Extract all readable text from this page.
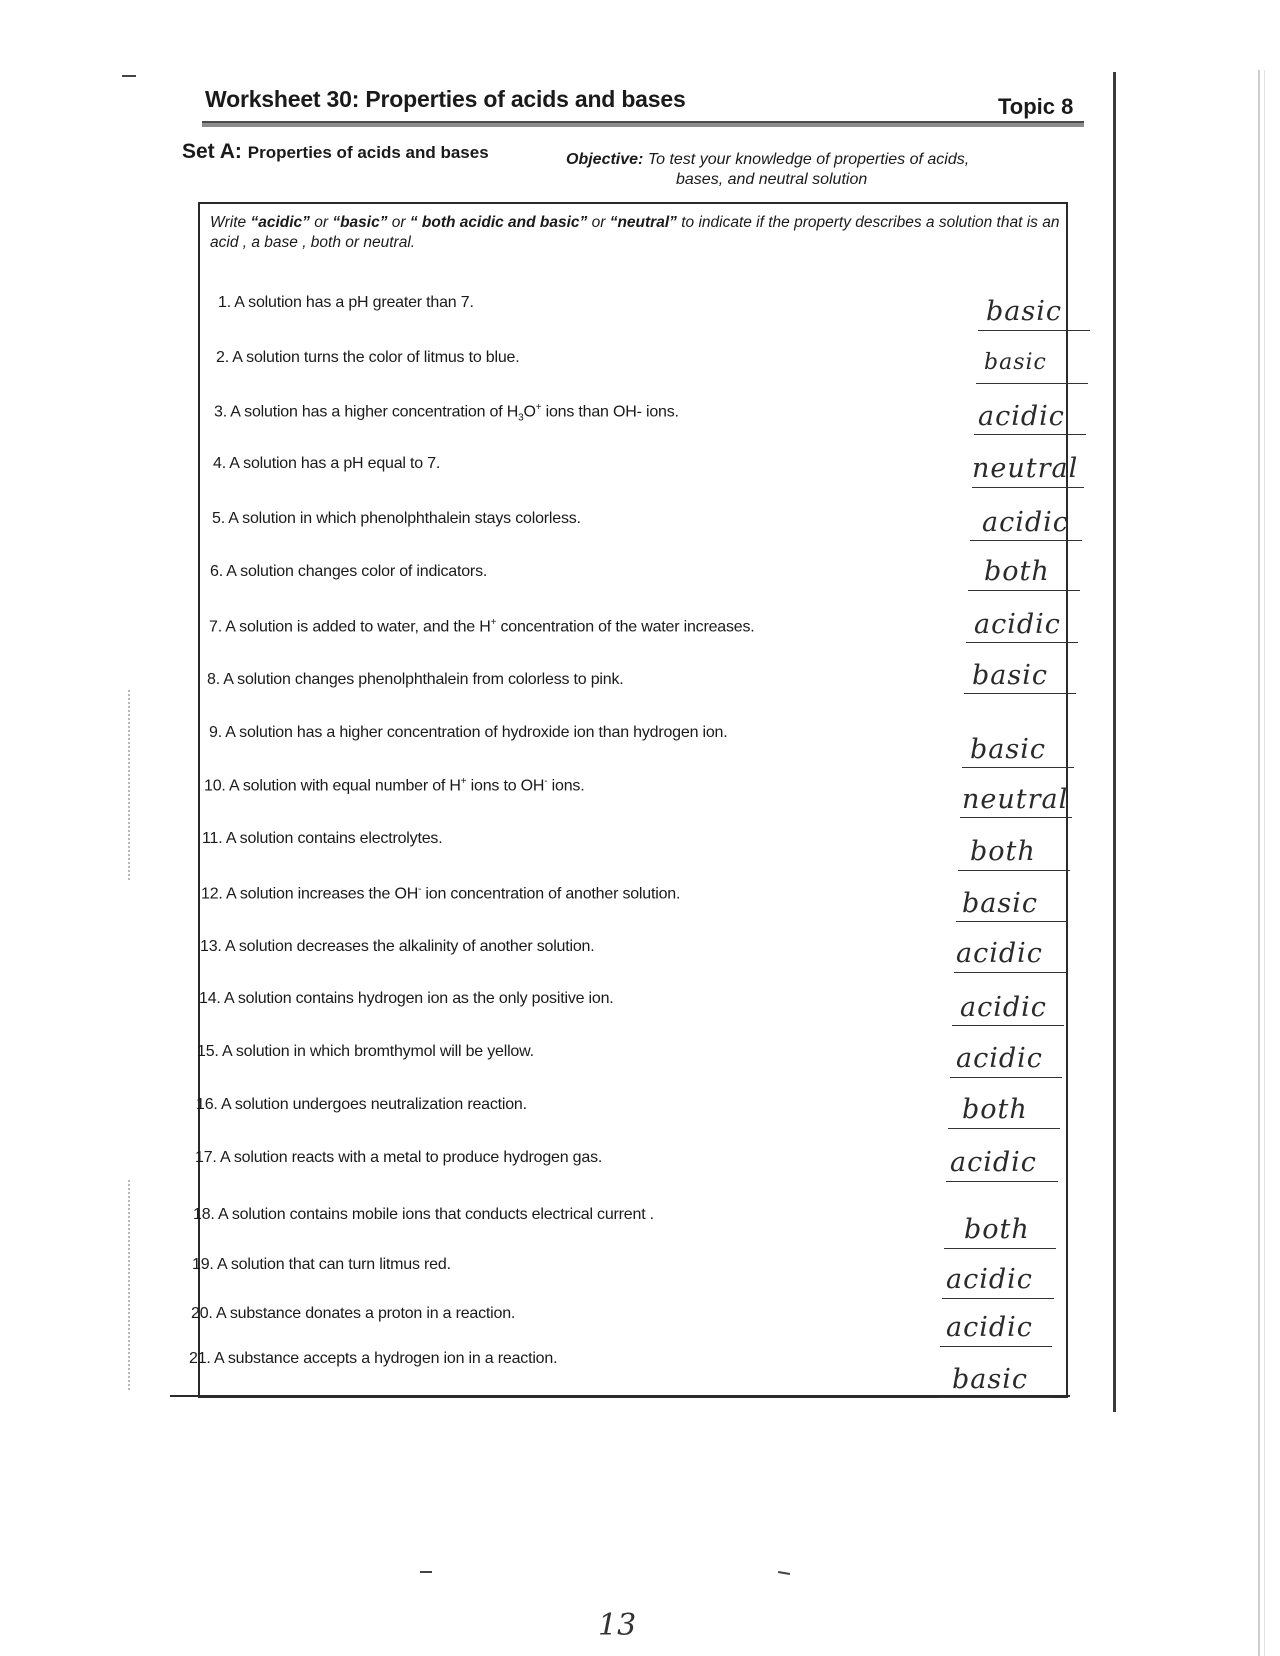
Worksheet 30: Properties of acids and bases	Topic 8
Set A: Properties of acids and bases	Objective: To test your knowledge of properties of acids,
bases, and neutral solution
Write “acidic” or “basic” or “ both acidic and basic” or “neutral” to indicate if the property describes a solution that is an acid , a base , both or neutral.
1. A solution has a pH greater than 7.
2. A solution turns the color of litmus to blue.
3. A solution has a higher concentration of $H_3O^+$ ions than OH- ions.
4. A solution has a pH equal to 7.
5. A solution in which phenolphthalein stays colorless.
6. A solution changes color of indicators.
7. A solution is added to water, and the H+ concentration of the water increases.
8. A solution changes phenolphthalein from colorless to pink.
9. A solution has a higher concentration of hydroxide ion than hydrogen ion.
10. A solution with equal number of H+ ions to OH- ions.
11. A solution contains electrolytes.
12. A solution increases the OH- ion concentration of another solution.
13. A solution decreases the alkalinity of another solution.
14. A solution contains hydrogen ion as the only positive ion.
15. A solution in which bromthymol will be yellow.
16. A solution undergoes neutralization reaction.
17. A solution reacts with a metal to produce hydrogen gas.
18. A solution contains mobile ions that conducts electrical current .
19. A solution that can turn litmus red.
20. A substance donates a proton in a reaction.
21. A substance accepts a hydrogen ion in a reaction.
basic
basic
acidic
neutral
acidic
both
acidic
basic
basic
neutral
both
basic
acidic
acidic
acidic
both
acidic
both
acidic
acidic
basic
13
